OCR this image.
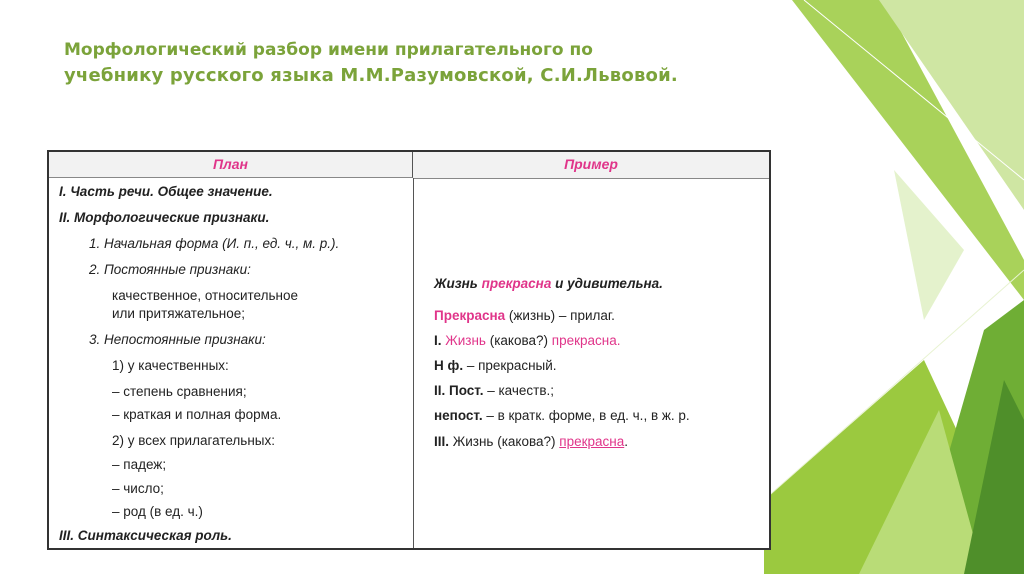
Морфологический разбор имени прилагательного по
учебнику русского языка М.М.Разумовской, С.И.Львовой.
План	Пример
I. Часть речи. Общее значение.
II. Морфологические признаки.
1. Начальная форма (И. п., ед. ч., м. р.).
2. Постоянные признаки:
качественное, относительное
или притяжательное;
3. Непостоянные признаки:
1) у качественных:
– степень сравнения;
– краткая и полная форма.
2) у всех прилагательных:
– падеж;
– число;
– род (в ед. ч.)
III. Синтаксическая роль.
Жизнь прекрасна и удивительна.
Прекрасна (жизнь) – прилаг.
I. Жизнь (какова?) прекрасна.
Н ф. – прекрасный.
II. Пост. – качеств.;
непост. – в кратк. форме, в ед. ч., в ж. р.
III. Жизнь (какова?) прекрасна.
